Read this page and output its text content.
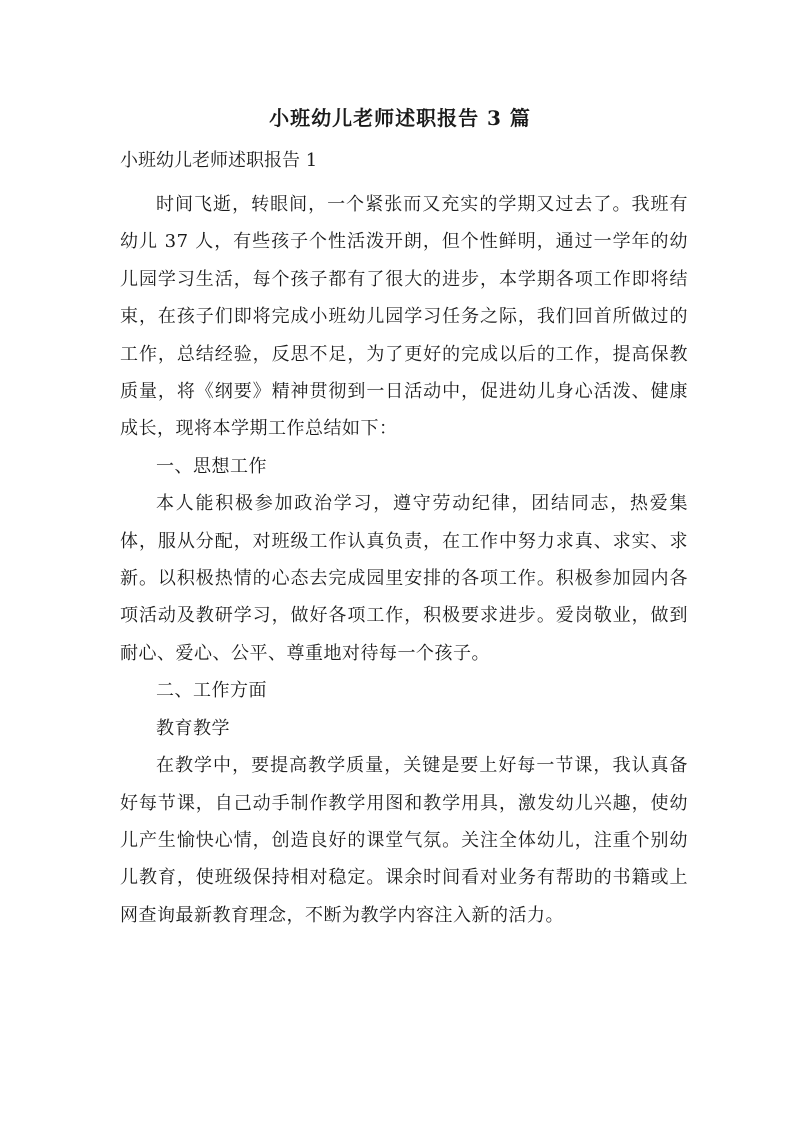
小班幼儿老师述职报告 3 篇

小班幼儿老师述职报告 1

时间飞逝，转眼间，一个紧张而又充实的学期又过去了。我班有幼儿 37 人，有些孩子个性活泼开朗，但个性鲜明，通过一学年的幼儿园学习生活，每个孩子都有了很大的进步，本学期各项工作即将结束，在孩子们即将完成小班幼儿园学习任务之际，我们回首所做过的工作，总结经验，反思不足，为了更好的完成以后的工作，提高保教质量，将《纲要》精神贯彻到一日活动中，促进幼儿身心活泼、健康成长，现将本学期工作总结如下：

一、思想工作

本人能积极参加政治学习，遵守劳动纪律，团结同志，热爱集体，服从分配，对班级工作认真负责，在工作中努力求真、求实、求新。以积极热情的心态去完成园里安排的各项工作。积极参加园内各项活动及教研学习，做好各项工作，积极要求进步。爱岗敬业，做到耐心、爱心、公平、尊重地对待每一个孩子。

二、工作方面

教育教学

在教学中，要提高教学质量，关键是要上好每一节课，我认真备好每节课，自己动手制作教学用图和教学用具，激发幼儿兴趣，使幼儿产生愉快心情，创造良好的课堂气氛。关注全体幼儿，注重个别幼儿教育，使班级保持相对稳定。课余时间看对业务有帮助的书籍或上网查询最新教育理念，不断为教学内容注入新的活力。
